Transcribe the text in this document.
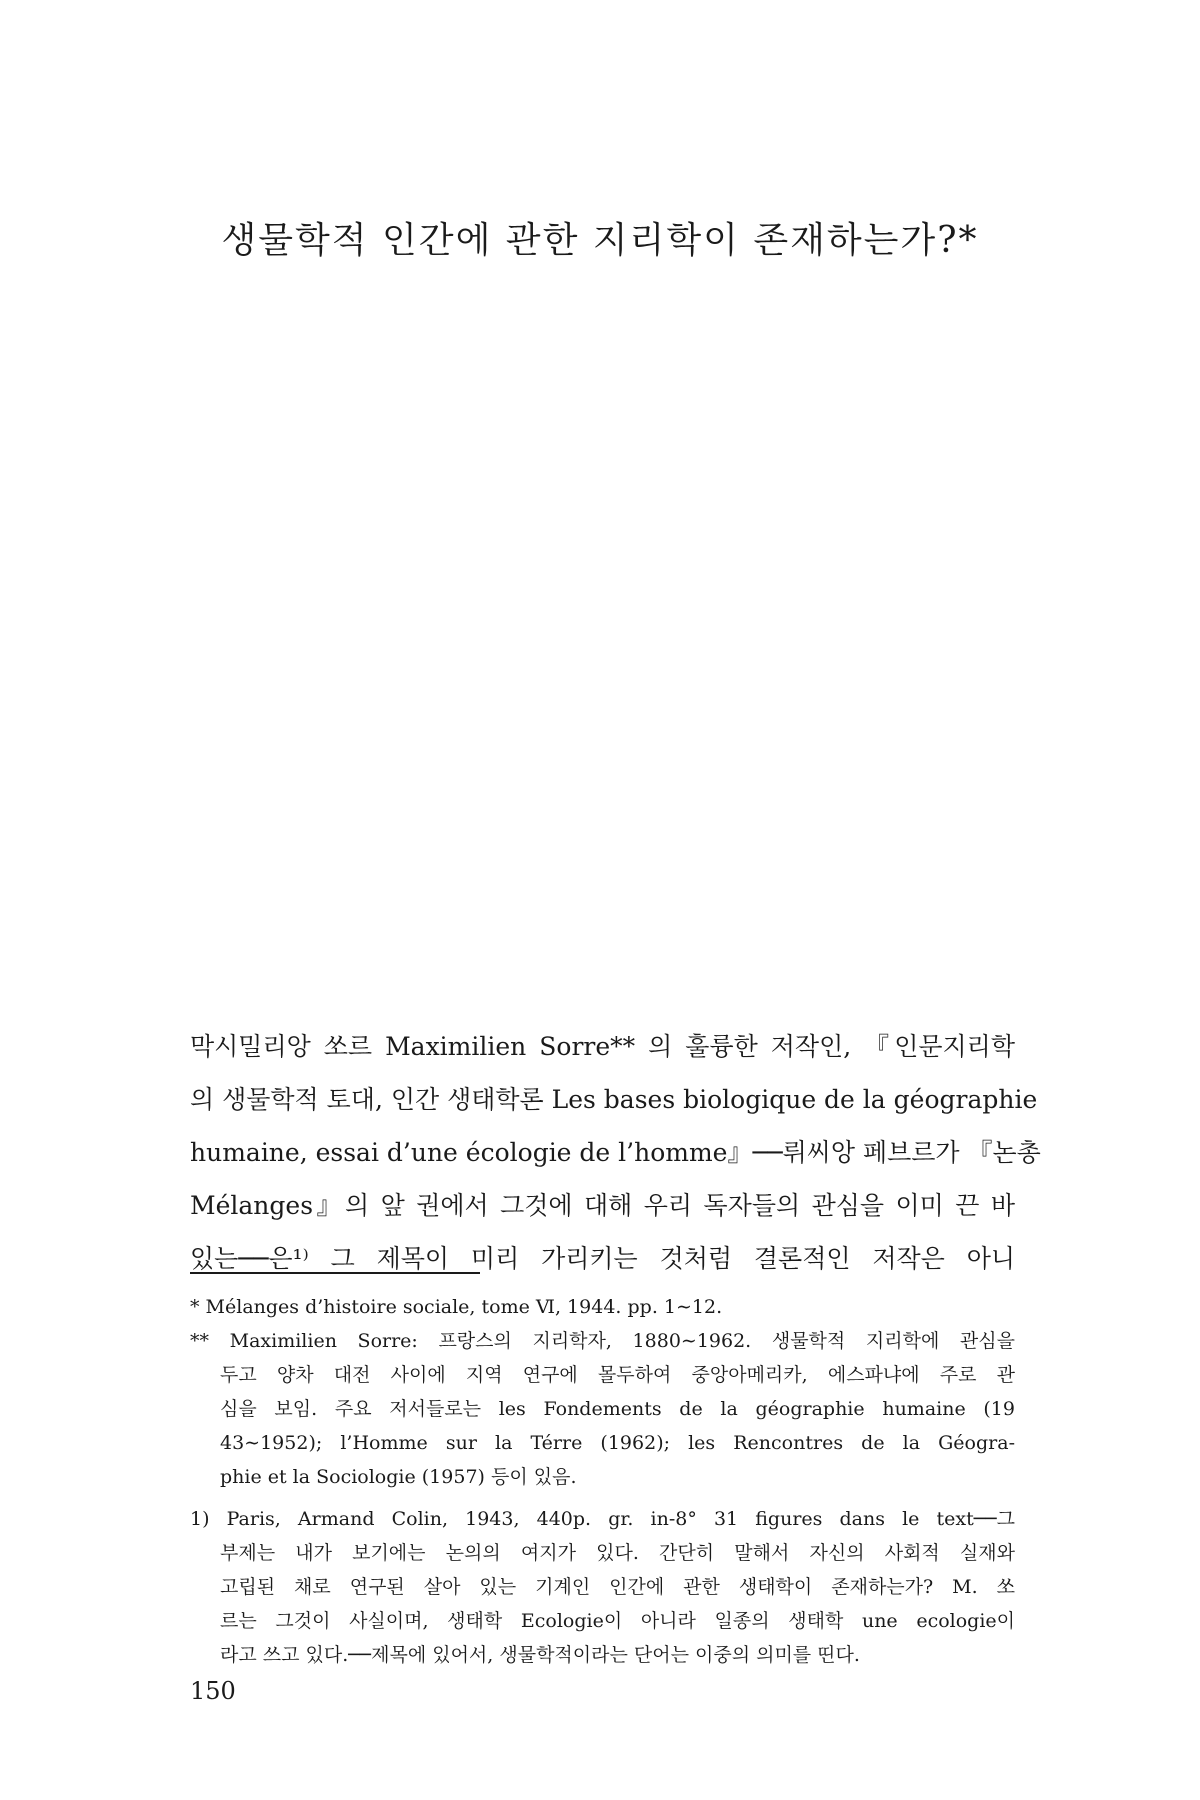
생물학적 인간에 관한 지리학이 존재하는가?*
막시밀리앙 쏘르 Maximilien Sorre** 의 훌륭한 저작인, 『인문지리학
의 생물학적 토대, 인간 생태학론 Les bases biologique de la géographie
humaine, essai d’une écologie de l’homme』──뤼씨앙 페브르가 『논총
Mélanges』의 앞 권에서 그것에 대해 우리 독자들의 관심을 이미 끈 바
있는──은¹⁾ 그 제목이 미리 가리키는 것처럼 결론적인 저작은 아니
* Mélanges d’histoire sociale, tome Ⅵ, 1944. pp. 1∼12.
** Maximilien Sorre: 프랑스의 지리학자, 1880∼1962. 생물학적 지리학에 관심을
두고 양차 대전 사이에 지역 연구에 몰두하여 중앙아메리카, 에스파냐에 주로 관
심을 보임. 주요 저서들로는 les Fondements de la géographie humaine (19
43∼1952); l’Homme sur la Térre (1962); les Rencontres de la Géogra-
phie et la Sociologie (1957) 등이 있음.
1) Paris, Armand Colin, 1943, 440p. gr. in-8° 31 figures dans le text──그
부제는 내가 보기에는 논의의 여지가 있다. 간단히 말해서 자신의 사회적 실재와
고립된 채로 연구된 살아 있는 기계인 인간에 관한 생태학이 존재하는가? M. 쏘
르는 그것이 사실이며, 생태학 Ecologie이 아니라 일종의 생태학 une ecologie이
라고 쓰고 있다.──제목에 있어서, 생물학적이라는 단어는 이중의 의미를 띤다.
150
